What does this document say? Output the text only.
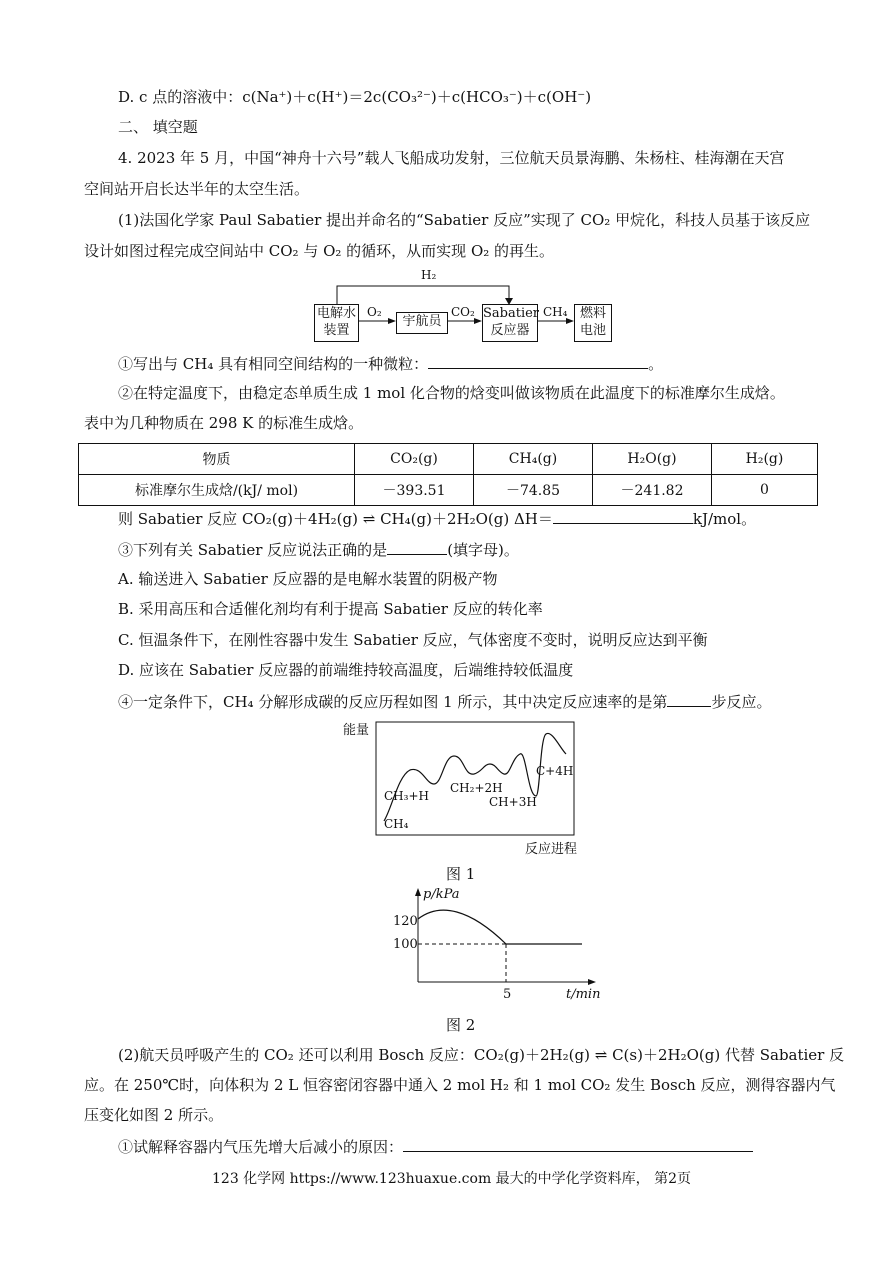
D. c 点的溶液中：c(Na⁺)＋c(H⁺)＝2c(CO₃²⁻)＋c(HCO₃⁻)＋c(OH⁻)
二、 填空题
4. 2023 年 5 月，中国“神舟十六号”载人飞船成功发射，三位航天员景海鹏、朱杨柱、桂海潮在天宫
空间站开启长达半年的太空生活。
(1)法国化学家 Paul Sabatier 提出并命名的“Sabatier 反应”实现了 CO₂ 甲烷化，科技人员基于该反应
设计如图过程完成空间站中 CO₂ 与 O₂ 的循环，从而实现 O₂ 的再生。
H₂
电解水
装置
O₂
宇航员
CO₂ Sabatier
反应器
CH₄ 燃料
电池
①写出与 CH₄ 具有相同空间结构的一种微粒：	。
②在特定温度下，由稳定态单质生成 1 mol 化合物的焓变叫做该物质在此温度下的标准摩尔生成焓。
表中为几种物质在 298 K 的标准生成焓。
物质	CO₂(g)	CH₄(g)	H₂O(g)	H₂(g)
标准摩尔生成焓/(kJ/ mol)	－393.51	－74.85	－241.82	0
则 Sabatier 反应 CO₂(g)＋4H₂(g) ⇌ CH₄(g)＋2H₂O(g) ΔH＝	kJ/mol。
③下列有关 Sabatier 反应说法正确的是	(填字母)。
A. 输送进入 Sabatier 反应器的是电解水装置的阴极产物
B. 采用高压和合适催化剂均有利于提高 Sabatier 反应的转化率
C. 恒温条件下，在刚性容器中发生 Sabatier 反应，气体密度不变时，说明反应达到平衡
D. 应该在 Sabatier 反应器的前端维持较高温度，后端维持较低温度
④一定条件下，CH₄ 分解形成碳的反应历程如图 1 所示，其中决定反应速率的是第	步反应。
能量
CH₄
CH₃+H
CH₂+2H
CH+3H
C+4H
反应进程
图 1
p/kPa
120
100
5	t/min
图 2
(2)航天员呼吸产生的 CO₂ 还可以利用 Bosch 反应：CO₂(g)＋2H₂(g) ⇌ C(s)＋2H₂O(g) 代替 Sabatier 反
应。在 250℃时，向体积为 2 L 恒容密闭容器中通入 2 mol H₂ 和 1 mol CO₂ 发生 Bosch 反应，测得容器内气
压变化如图 2 所示。
①试解释容器内气压先增大后减小的原因：
123 化学网 https://www.123huaxue.com 最大的中学化学资料库， 第2页
